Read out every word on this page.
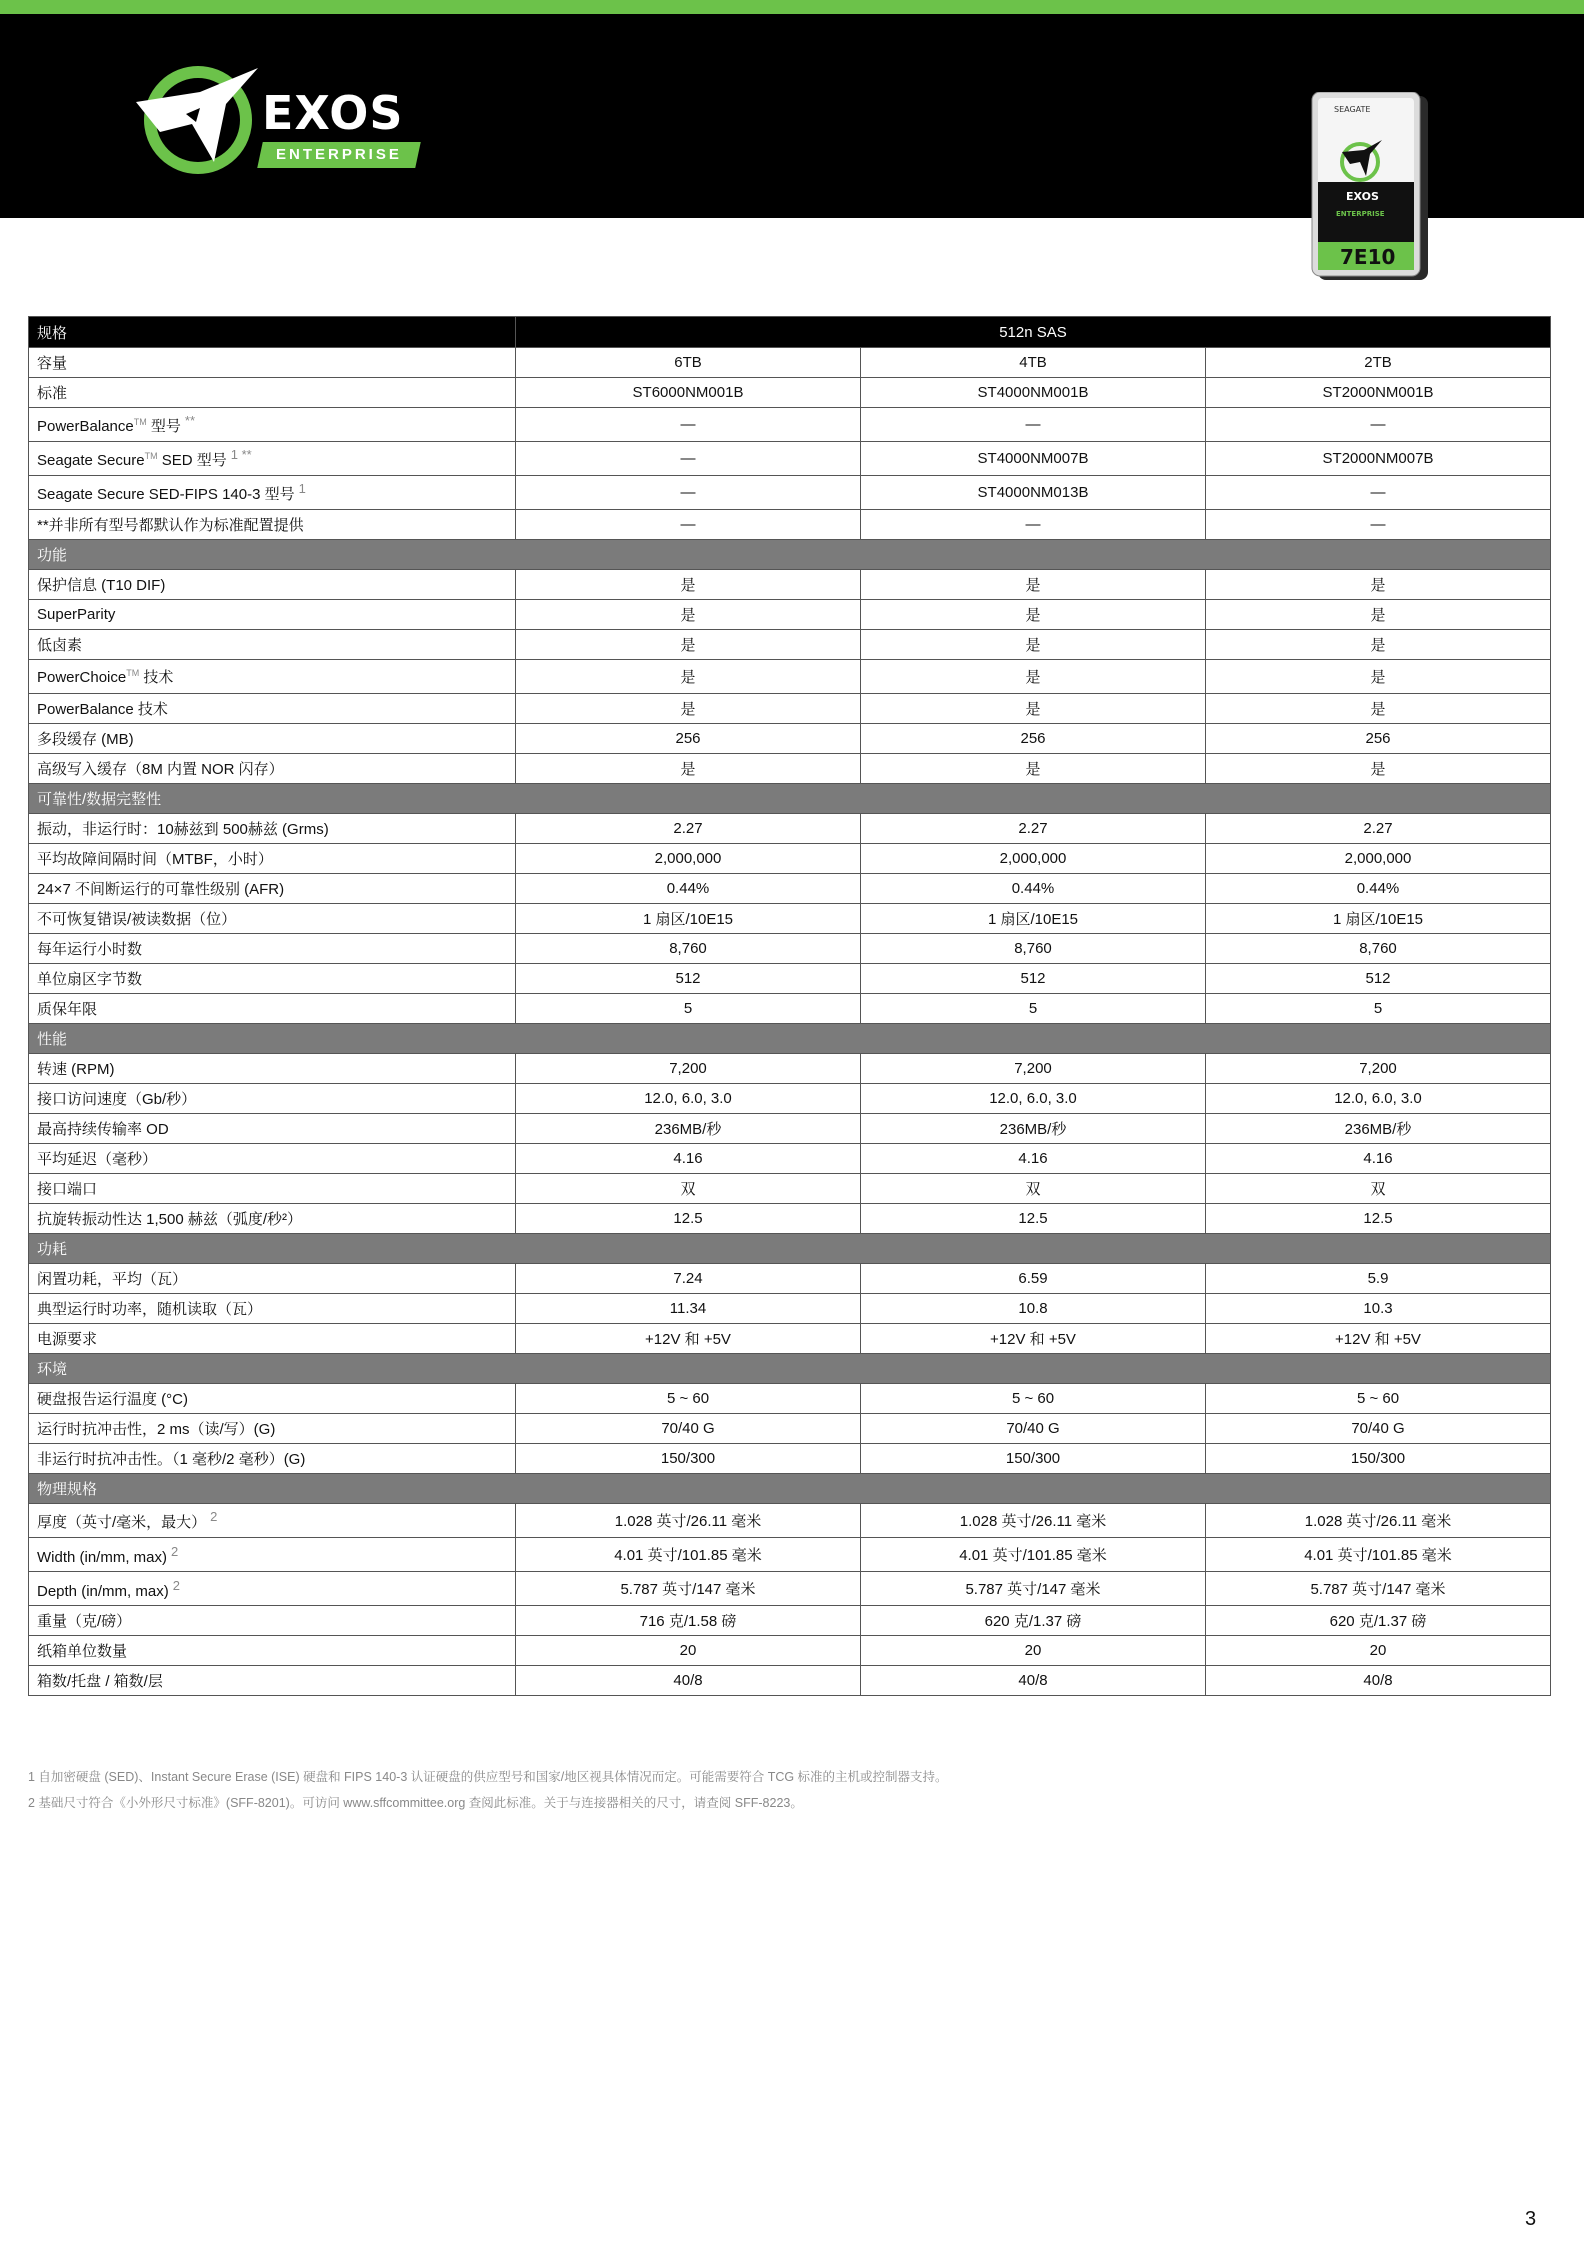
EXOS
ENTERPRISE
SEAGATE
EXOS
ENTERPRISE
7E10
规格	512n SAS		
容量	6TB	4TB	2TB
标准	ST6000NM001B	ST4000NM001B	ST2000NM001B
PowerBalance™ 型号 **	—	—	—
Seagate Secure™ SED 型号 $^{1 **}$	—	ST4000NM007B	ST2000NM007B
Seagate Secure SED-FIPS 140-3 型号 $^1$	—	ST4000NM013B	—
**并非所有型号都默认作为标准配置提供	—	—	—
功能			
保护信息 (T10 DIF)	是	是	是
SuperParity	是	是	是
低卤素	是	是	是
PowerChoice™ 技术	是	是	是
PowerBalance 技术	是	是	是
多段缓存 (MB)	256	256	256
高级写入缓存（8M 内置 NOR 闪存）	是	是	是
可靠性/数据完整性			
振动，非运行时：10赫兹到 500赫兹 (Grms)	2.27	2.27	2.27
平均故障间隔时间（MTBF，小时）	2,000,000	2,000,000	2,000,000
24×7 不间断运行的可靠性级别 (AFR)	0.44%	0.44%	0.44%
不可恢复错误/被读数据（位）	1 扇区/10E15	1 扇区/10E15	1 扇区/10E15
每年运行小时数	8,760	8,760	8,760
单位扇区字节数	512	512	512
质保年限	5	5	5
性能			
转速 (RPM)	7,200	7,200	7,200
接口访问速度（Gb/秒）	12.0, 6.0, 3.0	12.0, 6.0, 3.0	12.0, 6.0, 3.0
最高持续传输率 OD	236MB/秒	236MB/秒	236MB/秒
平均延迟（毫秒）	4.16	4.16	4.16
接口端口	双	双	双
抗旋转振动性达 1,500 赫兹（弧度/秒²）	12.5	12.5	12.5
功耗			
闲置功耗，平均（瓦）	7.24	6.59	5.9
典型运行时功率，随机读取（瓦）	11.34	10.8	10.3
电源要求	+12V 和 +5V	+12V 和 +5V	+12V 和 +5V
环境			
硬盘报告运行温度 (°C)	5 ~ 60	5 ~ 60	5 ~ 60
运行时抗冲击性，2 ms（读/写）(G)	70/40 G	70/40 G	70/40 G
非运行时抗冲击性。（1 毫秒/2 毫秒）(G)	150/300	150/300	150/300
物理规格			
厚度（英寸/毫米，最大） $^2$	1.028 英寸/26.11 毫米	1.028 英寸/26.11 毫米	1.028 英寸/26.11 毫米
Width (in/mm, max) $^2$	4.01 英寸/101.85 毫米	4.01 英寸/101.85 毫米	4.01 英寸/101.85 毫米
Depth (in/mm, max) $^2$	5.787 英寸/147 毫米	5.787 英寸/147 毫米	5.787 英寸/147 毫米
重量（克/磅）	716 克/1.58 磅	620 克/1.37 磅	620 克/1.37 磅
纸箱单位数量	20	20	20
箱数/托盘 / 箱数/层	40/8	40/8	40/8
1 自加密硬盘 (SED)、Instant Secure Erase (ISE) 硬盘和 FIPS 140-3 认证硬盘的供应型号和国家/地区视具体情况而定。可能需要符合 TCG 标准的主机或控制器支持。
2 基础尺寸符合《小外形尺寸标准》(SFF-8201)。可访问 www.sffcommittee.org 查阅此标准。关于与连接器相关的尺寸，请查阅 SFF-8223。
3
